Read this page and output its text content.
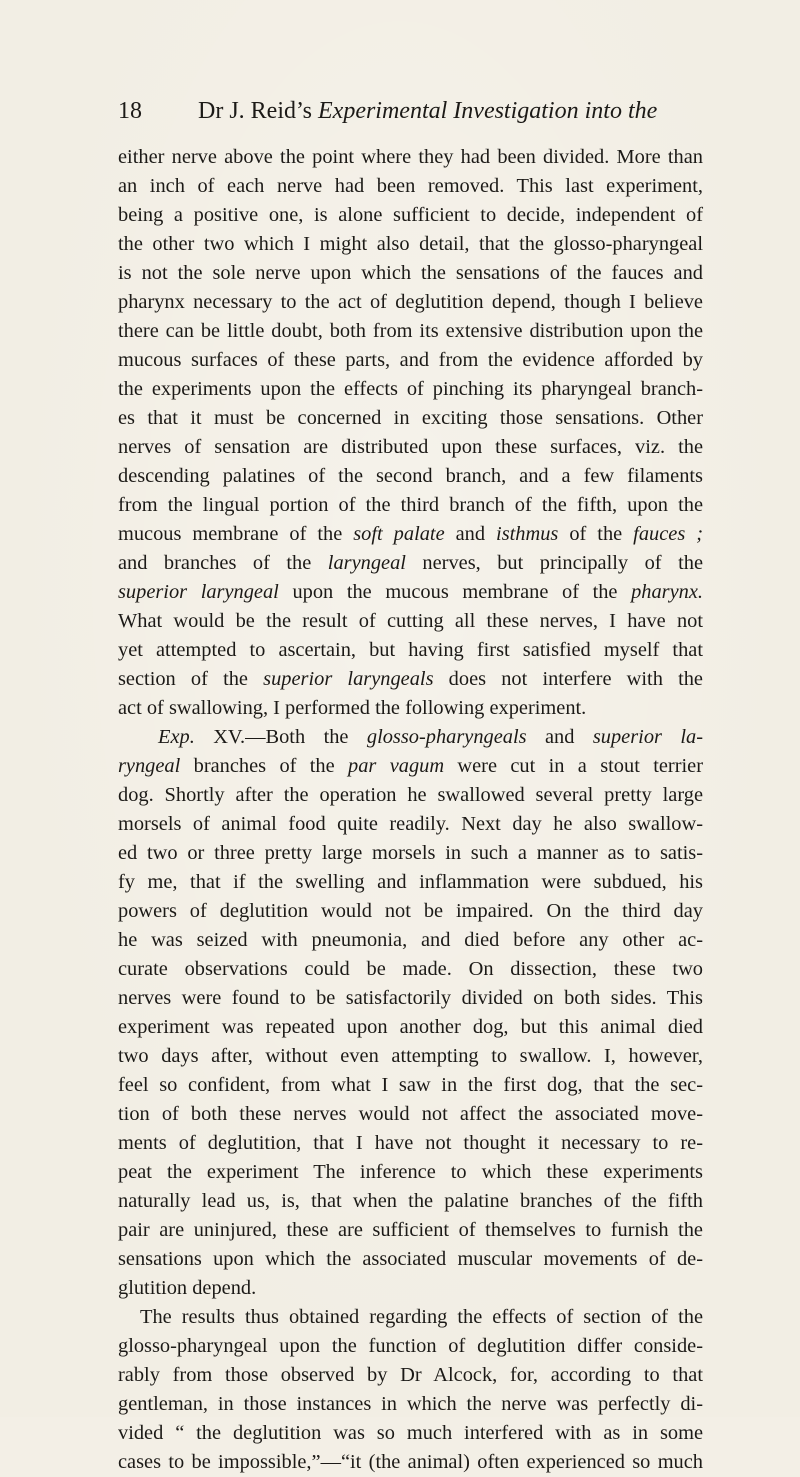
18 Dr J. Reid’s Experimental Investigation into the
either nerve above the point where they had been divided. More than
an inch of each nerve had been removed. This last experiment,
being a positive one, is alone sufficient to decide, independent of
the other two which I might also detail, that the glosso-pharyngeal
is not the sole nerve upon which the sensations of the fauces and
pharynx necessary to the act of deglutition depend, though I believe
there can be little doubt, both from its extensive distribution upon the
mucous surfaces of these parts, and from the evidence afforded by
the experiments upon the effects of pinching its pharyngeal branch-
es that it must be concerned in exciting those sensations. Other
nerves of sensation are distributed upon these surfaces, viz. the
descending palatines of the second branch, and a few filaments
from the lingual portion of the third branch of the fifth, upon the
mucous membrane of the soft palate and isthmus of the fauces ;
and branches of the laryngeal nerves, but principally of the
superior laryngeal upon the mucous membrane of the pharynx.
What would be the result of cutting all these nerves, I have not
yet attempted to ascertain, but having first satisfied myself that
section of the superior laryngeals does not interfere with the
act of swallowing, I performed the following experiment.
Exp. XV.—Both the glosso-pharyngeals and superior la-
ryngeal branches of the par vagum were cut in a stout terrier
dog. Shortly after the operation he swallowed several pretty large
morsels of animal food quite readily. Next day he also swallow-
ed two or three pretty large morsels in such a manner as to satis-
fy me, that if the swelling and inflammation were subdued, his
powers of deglutition would not be impaired. On the third day
he was seized with pneumonia, and died before any other ac-
curate observations could be made. On dissection, these two
nerves were found to be satisfactorily divided on both sides. This
experiment was repeated upon another dog, but this animal died
two days after, without even attempting to swallow. I, however,
feel so confident, from what I saw in the first dog, that the sec-
tion of both these nerves would not affect the associated move-
ments of deglutition, that I have not thought it necessary to re-
peat the experiment The inference to which these experiments
naturally lead us, is, that when the palatine branches of the fifth
pair are uninjured, these are sufficient of themselves to furnish the
sensations upon which the associated muscular movements of de-
glutition depend.
The results thus obtained regarding the effects of section of the
glosso-pharyngeal upon the function of deglutition differ conside-
rably from those observed by Dr Alcock, for, according to that
gentleman, in those instances in which the nerve was perfectly di-
vided “ the deglutition was so much interfered with as in some
cases to be impossible,”—“it (the animal) often experienced so much
